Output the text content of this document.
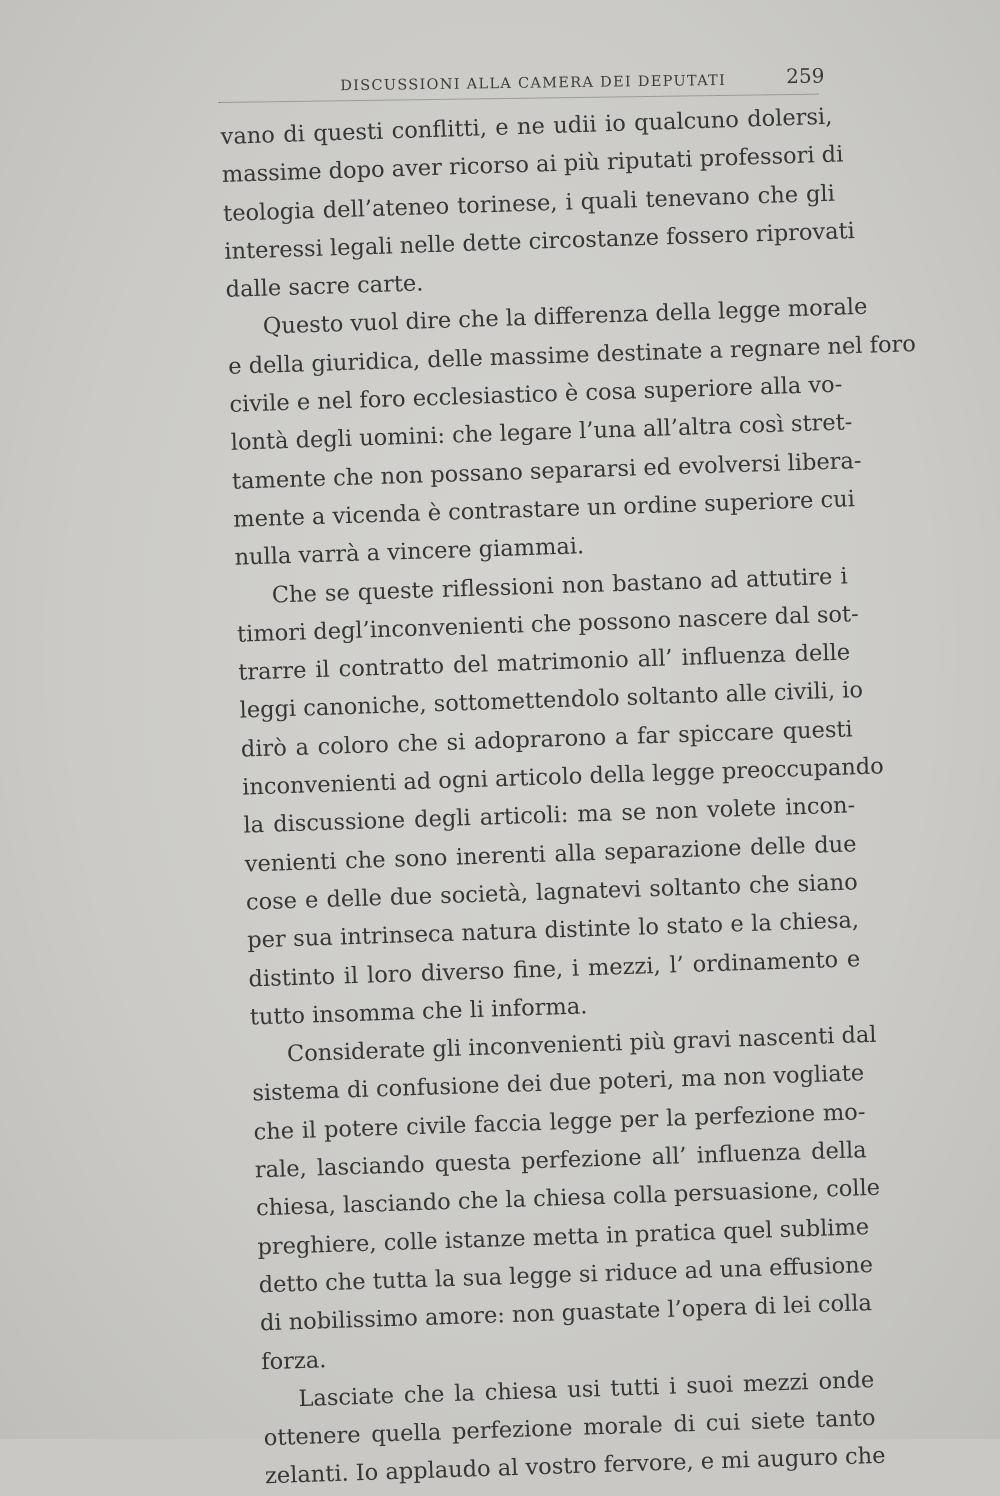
DISCUSSIONI ALLA CAMERA DEI DEPUTATI	259
vano di questi conflitti, e ne udii io qualcuno dolersi,
massime dopo aver ricorso ai più riputati professori di
teologia dell’ateneo torinese, i quali tenevano che gli
interessi legali nelle dette circostanze fossero riprovati
dalle sacre carte.
Questo vuol dire che la differenza della legge morale
e della giuridica, delle massime destinate a regnare nel foro
civile e nel foro ecclesiastico è cosa superiore alla vo-
lontà degli uomini: che legare l’una all’altra così stret-
tamente che non possano separarsi ed evolversi libera-
mente a vicenda è contrastare un ordine superiore cui
nulla varrà a vincere giammai.
Che se queste riflessioni non bastano ad attutire i
timori degl’inconvenienti che possono nascere dal sot-
trarre il contratto del matrimonio all’ influenza delle
leggi canoniche, sottomettendolo soltanto alle civili, io
dirò a coloro che si adoprarono a far spiccare questi
inconvenienti ad ogni articolo della legge preoccupando
la discussione degli articoli: ma se non volete incon-
venienti che sono inerenti alla separazione delle due
cose e delle due società, lagnatevi soltanto che siano
per sua intrinseca natura distinte lo stato e la chiesa,
distinto il loro diverso fine, i mezzi, l’ ordinamento e
tutto insomma che li informa.
Considerate gli inconvenienti più gravi nascenti dal
sistema di confusione dei due poteri, ma non vogliate
che il potere civile faccia legge per la perfezione mo-
rale, lasciando questa perfezione all’ influenza della
chiesa, lasciando che la chiesa colla persuasione, colle
preghiere, colle istanze metta in pratica quel sublime
detto che tutta la sua legge si riduce ad una effusione
di nobilissimo amore: non guastate l’opera di lei colla
forza.
Lasciate che la chiesa usi tutti i suoi mezzi onde
ottenere quella perfezione morale di cui siete tanto
zelanti. Io applaudo al vostro fervore, e mi auguro che
